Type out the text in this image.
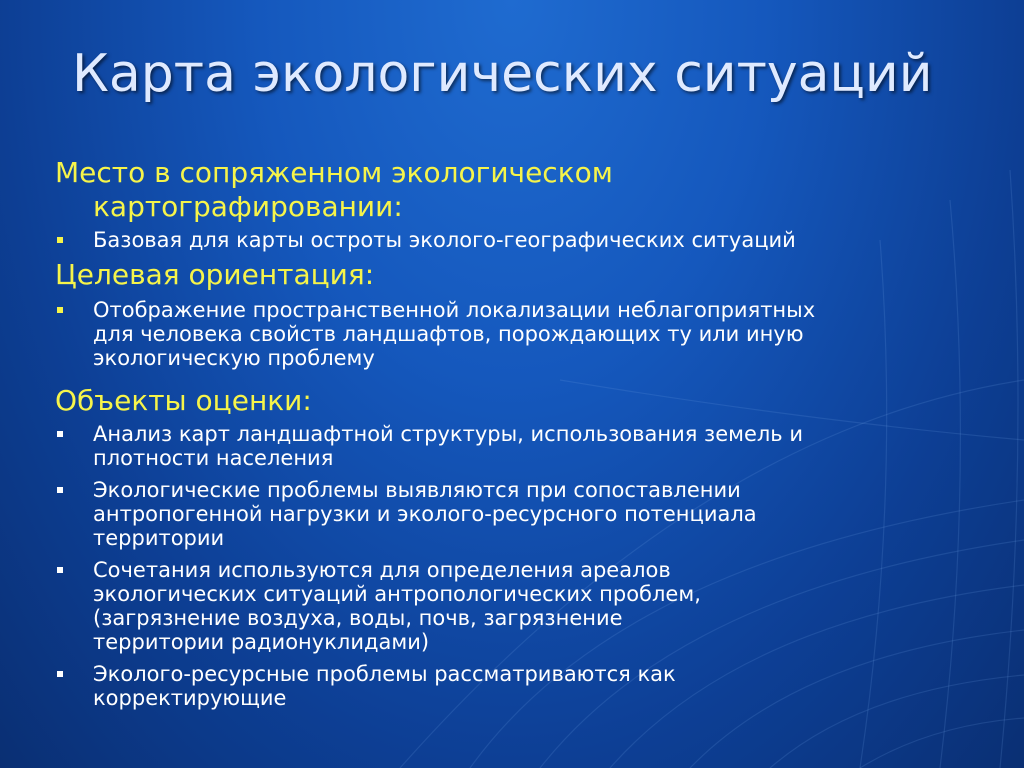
Карта экологических ситуаций
Место в сопряженном экологическом
картографировании:
Базовая для карты остроты эколого-географических ситуаций
Целевая ориентация:
Отображение пространственной локализации неблагоприятных
для человека свойств ландшафтов, порождающих ту или иную
экологическую проблему
Объекты оценки:
Анализ карт ландшафтной структуры, использования земель и
плотности населения
Экологические проблемы выявляются при сопоставлении
антропогенной нагрузки и эколого-ресурсного потенциала
территории
Сочетания используются для определения ареалов
экологических ситуаций антропологических проблем,
(загрязнение воздуха, воды, почв, загрязнение
территории радионуклидами)
Эколого-ресурсные проблемы рассматриваются как
корректирующие
